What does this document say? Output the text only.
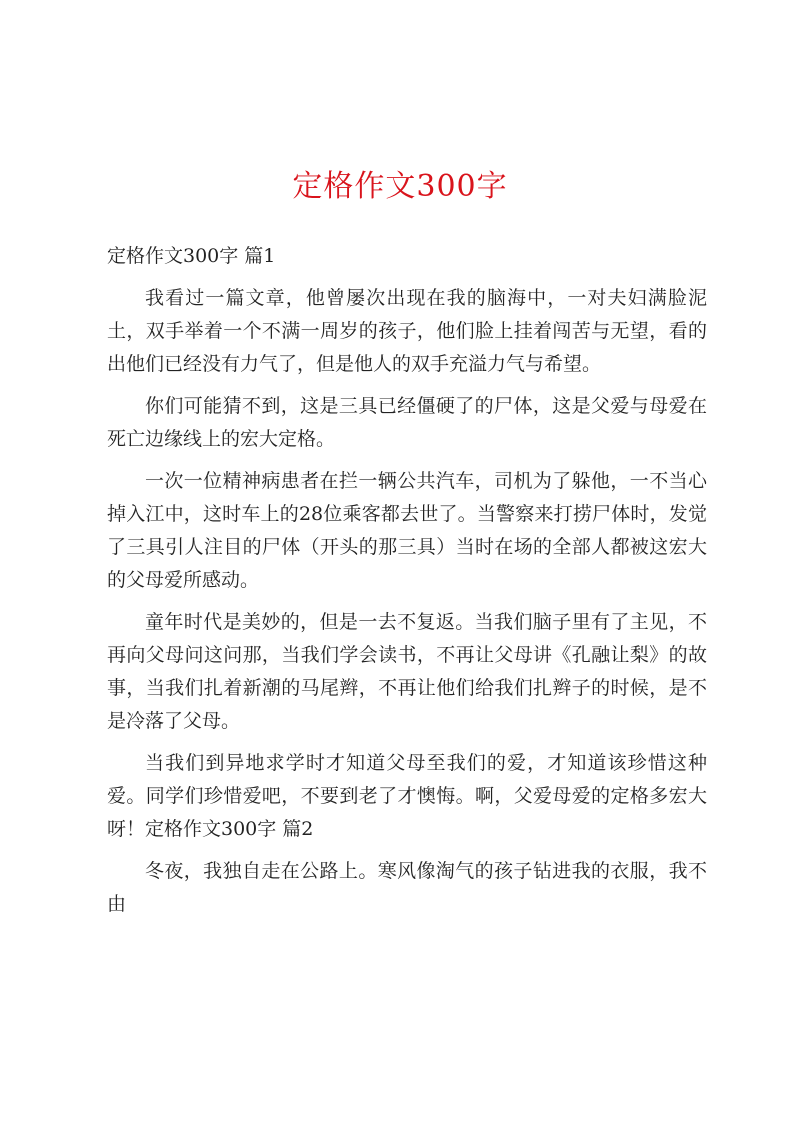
定格作文300字

定格作文300字 篇1

我看过一篇文章，他曾屡次出现在我的脑海中，一对夫妇满脸泥土，双手举着一个不满一周岁的孩子，他们脸上挂着闯苦与无望，看的出他们已经没有力气了，但是他人的双手充溢力气与希望。

你们可能猜不到，这是三具已经僵硬了的尸体，这是父爱与母爱在死亡边缘线上的宏大定格。

一次一位精神病患者在拦一辆公共汽车，司机为了躲他，一不当心掉入江中，这时车上的28位乘客都去世了。当警察来打捞尸体时，发觉了三具引人注目的尸体（开头的那三具）当时在场的全部人都被这宏大的父母爱所感动。

童年时代是美妙的，但是一去不复返。当我们脑子里有了主见，不再向父母问这问那，当我们学会读书，不再让父母讲《孔融让梨》的故事，当我们扎着新潮的马尾辫，不再让他们给我们扎辫子的时候，是不是冷落了父母。

当我们到异地求学时才知道父母至我们的爱，才知道该珍惜这种爱。同学们珍惜爱吧，不要到老了才懊悔。啊，父爱母爱的定格多宏大呀！定格作文300字 篇2

冬夜，我独自走在公路上。寒风像淘气的孩子钻进我的衣服，我不由
